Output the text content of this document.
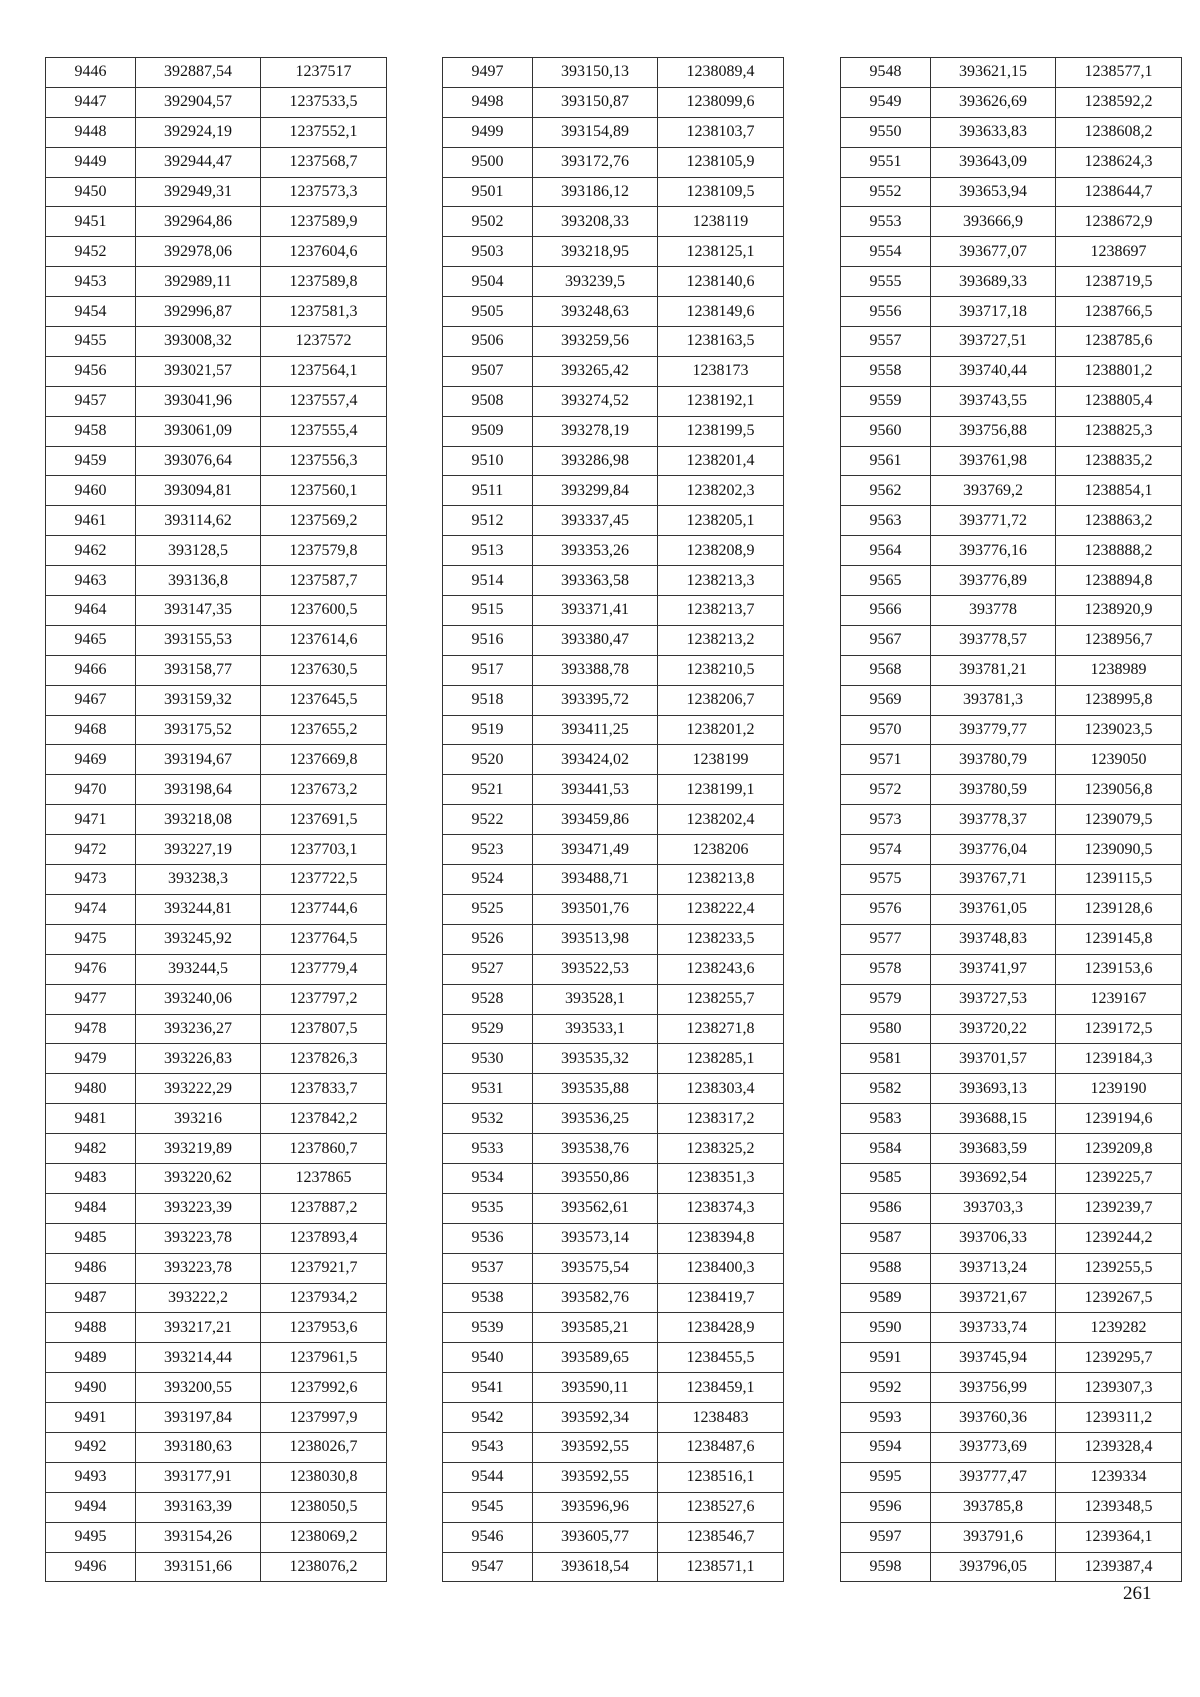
9446	392887,54	1237517
9447	392904,57	1237533,5
9448	392924,19	1237552,1
9449	392944,47	1237568,7
9450	392949,31	1237573,3
9451	392964,86	1237589,9
9452	392978,06	1237604,6
9453	392989,11	1237589,8
9454	392996,87	1237581,3
9455	393008,32	1237572
9456	393021,57	1237564,1
9457	393041,96	1237557,4
9458	393061,09	1237555,4
9459	393076,64	1237556,3
9460	393094,81	1237560,1
9461	393114,62	1237569,2
9462	393128,5	1237579,8
9463	393136,8	1237587,7
9464	393147,35	1237600,5
9465	393155,53	1237614,6
9466	393158,77	1237630,5
9467	393159,32	1237645,5
9468	393175,52	1237655,2
9469	393194,67	1237669,8
9470	393198,64	1237673,2
9471	393218,08	1237691,5
9472	393227,19	1237703,1
9473	393238,3	1237722,5
9474	393244,81	1237744,6
9475	393245,92	1237764,5
9476	393244,5	1237779,4
9477	393240,06	1237797,2
9478	393236,27	1237807,5
9479	393226,83	1237826,3
9480	393222,29	1237833,7
9481	393216	1237842,2
9482	393219,89	1237860,7
9483	393220,62	1237865
9484	393223,39	1237887,2
9485	393223,78	1237893,4
9486	393223,78	1237921,7
9487	393222,2	1237934,2
9488	393217,21	1237953,6
9489	393214,44	1237961,5
9490	393200,55	1237992,6
9491	393197,84	1237997,9
9492	393180,63	1238026,7
9493	393177,91	1238030,8
9494	393163,39	1238050,5
9495	393154,26	1238069,2
9496	393151,66	1238076,2
9497	393150,13	1238089,4
9498	393150,87	1238099,6
9499	393154,89	1238103,7
9500	393172,76	1238105,9
9501	393186,12	1238109,5
9502	393208,33	1238119
9503	393218,95	1238125,1
9504	393239,5	1238140,6
9505	393248,63	1238149,6
9506	393259,56	1238163,5
9507	393265,42	1238173
9508	393274,52	1238192,1
9509	393278,19	1238199,5
9510	393286,98	1238201,4
9511	393299,84	1238202,3
9512	393337,45	1238205,1
9513	393353,26	1238208,9
9514	393363,58	1238213,3
9515	393371,41	1238213,7
9516	393380,47	1238213,2
9517	393388,78	1238210,5
9518	393395,72	1238206,7
9519	393411,25	1238201,2
9520	393424,02	1238199
9521	393441,53	1238199,1
9522	393459,86	1238202,4
9523	393471,49	1238206
9524	393488,71	1238213,8
9525	393501,76	1238222,4
9526	393513,98	1238233,5
9527	393522,53	1238243,6
9528	393528,1	1238255,7
9529	393533,1	1238271,8
9530	393535,32	1238285,1
9531	393535,88	1238303,4
9532	393536,25	1238317,2
9533	393538,76	1238325,2
9534	393550,86	1238351,3
9535	393562,61	1238374,3
9536	393573,14	1238394,8
9537	393575,54	1238400,3
9538	393582,76	1238419,7
9539	393585,21	1238428,9
9540	393589,65	1238455,5
9541	393590,11	1238459,1
9542	393592,34	1238483
9543	393592,55	1238487,6
9544	393592,55	1238516,1
9545	393596,96	1238527,6
9546	393605,77	1238546,7
9547	393618,54	1238571,1
9548	393621,15	1238577,1
9549	393626,69	1238592,2
9550	393633,83	1238608,2
9551	393643,09	1238624,3
9552	393653,94	1238644,7
9553	393666,9	1238672,9
9554	393677,07	1238697
9555	393689,33	1238719,5
9556	393717,18	1238766,5
9557	393727,51	1238785,6
9558	393740,44	1238801,2
9559	393743,55	1238805,4
9560	393756,88	1238825,3
9561	393761,98	1238835,2
9562	393769,2	1238854,1
9563	393771,72	1238863,2
9564	393776,16	1238888,2
9565	393776,89	1238894,8
9566	393778	1238920,9
9567	393778,57	1238956,7
9568	393781,21	1238989
9569	393781,3	1238995,8
9570	393779,77	1239023,5
9571	393780,79	1239050
9572	393780,59	1239056,8
9573	393778,37	1239079,5
9574	393776,04	1239090,5
9575	393767,71	1239115,5
9576	393761,05	1239128,6
9577	393748,83	1239145,8
9578	393741,97	1239153,6
9579	393727,53	1239167
9580	393720,22	1239172,5
9581	393701,57	1239184,3
9582	393693,13	1239190
9583	393688,15	1239194,6
9584	393683,59	1239209,8
9585	393692,54	1239225,7
9586	393703,3	1239239,7
9587	393706,33	1239244,2
9588	393713,24	1239255,5
9589	393721,67	1239267,5
9590	393733,74	1239282
9591	393745,94	1239295,7
9592	393756,99	1239307,3
9593	393760,36	1239311,2
9594	393773,69	1239328,4
9595	393777,47	1239334
9596	393785,8	1239348,5
9597	393791,6	1239364,1
9598	393796,05	1239387,4
261
